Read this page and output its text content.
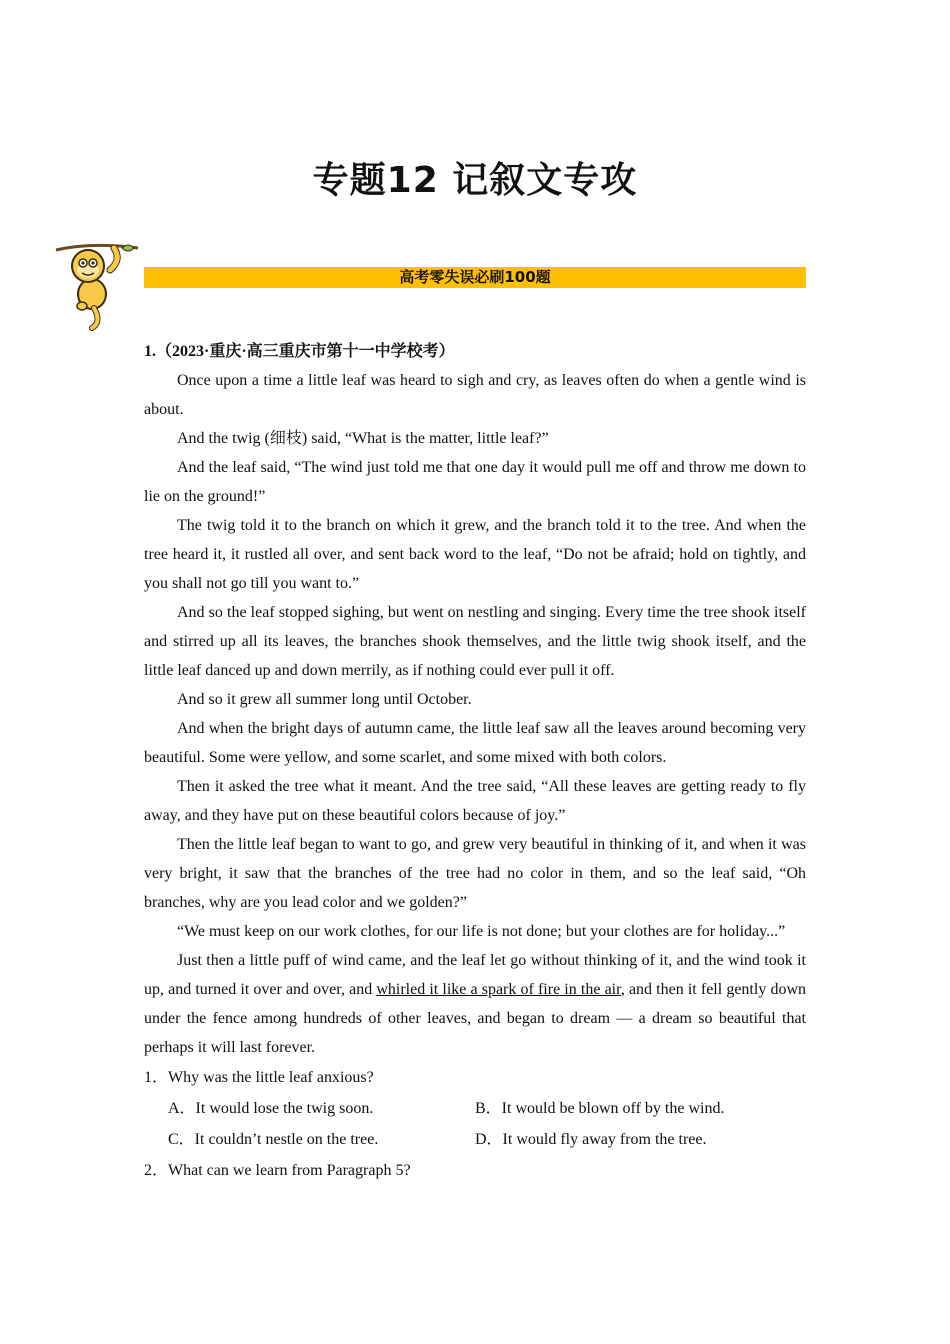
专题12 记叙文专攻
高考零失误必刷100题

1.（2023·重庆·高三重庆市第十一中学校考）

Once upon a time a little leaf was heard to sigh and cry, as leaves often do when a gentle wind is about.

And the twig (细枝) said, “What is the matter, little leaf?”

And the leaf said, “The wind just told me that one day it would pull me off and throw me down to lie on the ground!”

The twig told it to the branch on which it grew, and the branch told it to the tree. And when the tree heard it, it rustled all over, and sent back word to the leaf, “Do not be afraid; hold on tightly, and you shall not go till you want to.”

And so the leaf stopped sighing, but went on nestling and singing. Every time the tree shook itself and stirred up all its leaves, the branches shook themselves, and the little twig shook itself, and the little leaf danced up and down merrily, as if nothing could ever pull it off.

And so it grew all summer long until October.

And when the bright days of autumn came, the little leaf saw all the leaves around becoming very beautiful. Some were yellow, and some scarlet, and some mixed with both colors.

Then it asked the tree what it meant. And the tree said, “All these leaves are getting ready to fly away, and they have put on these beautiful colors because of joy.”

Then the little leaf began to want to go, and grew very beautiful in thinking of it, and when it was very bright, it saw that the branches of the tree had no color in them, and so the leaf said, “Oh branches, why are you lead color and we golden?”

“We must keep on our work clothes, for our life is not done; but your clothes are for holiday...”

Just then a little puff of wind came, and the leaf let go without thinking of it, and the wind took it up, and turned it over and over, and whirled it like a spark of fire in the air, and then it fell gently down under the fence among hundreds of other leaves, and began to dream — a dream so beautiful that perhaps it will last forever.

1．Why was the little leaf anxious?

A．It would lose the twig soon.	B．It would be blown off by the wind.
C．It couldn’t nestle on the tree.	D．It would fly away from the tree.

2．What can we learn from Paragraph 5?
